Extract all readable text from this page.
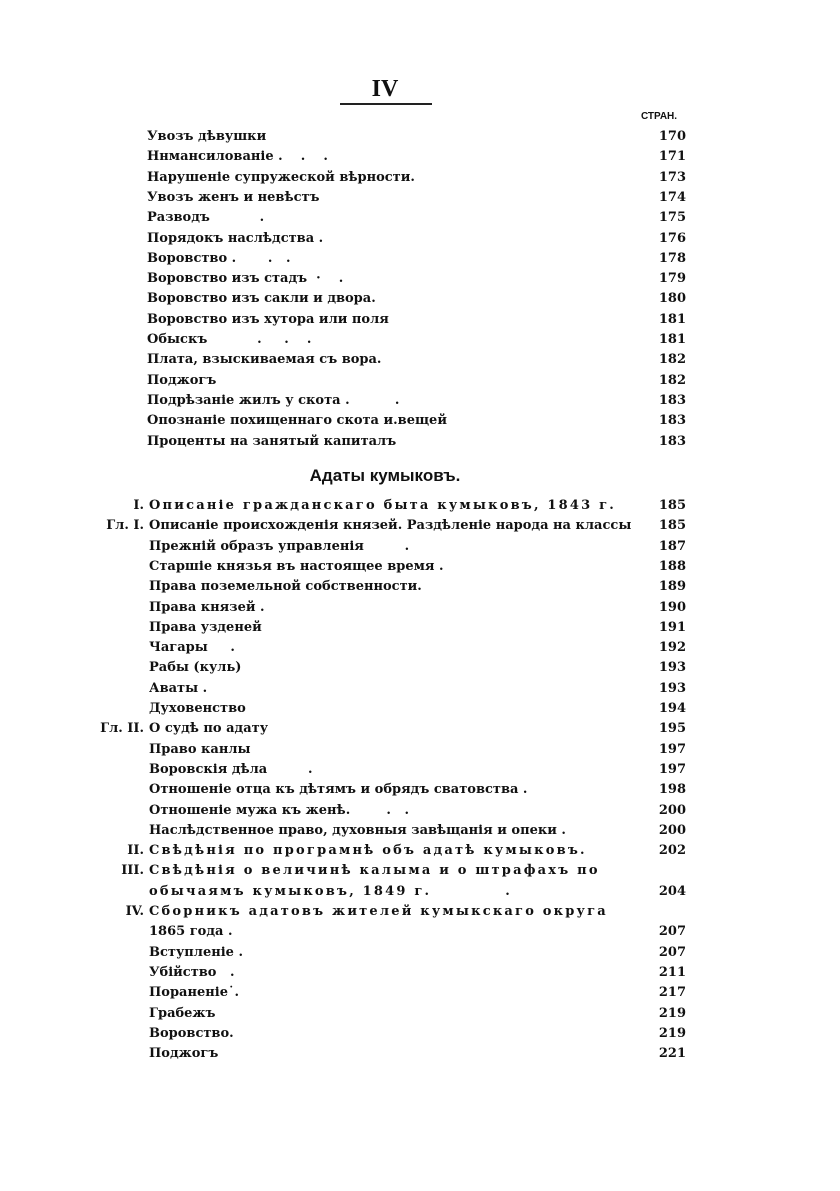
IV
СТРАН.
Увозъ дѣвушки	170
Ннмансилованіе .    .    .	171
Нарушеніе супружеской вѣрности.	173
Увозъ женъ и невѣстъ	174
Разводъ           .	175
Порядокъ наслѣдства .	176
Воровство .       .   .	178
Воровство изъ стадъ  ·    .	179
Воровство изъ сакли и двора.	180
Воровство изъ хутора или поля	181
Обыскъ           .     .    .	181
Плата, взыскиваемая съ вора.	182
Поджогъ	182
Подрѣзаніе жилъ у скота .          .	183
Опознаніе похищеннаго скота и.вещей	183
Проценты на занятый капиталъ	183
Адаты кумыковъ.
I. Описаніе гражданскаго быта кумыковъ, 1843 г.	185
Гл. I. Описаніе происхожденія князей. Раздѣленіе народа на классы	185
Прежній образъ управленія         .	187
Старшіе князья въ настоящее время .	188
Права поземельной собственности.	189
Права князей .	190
Права узденей	191
Чагары     .	192
Рабы (куль)	193
Аваты .	193
Духовенство	194
Гл. II. О судѣ по адату	195
Право канлы	197
Воровскія дѣла         .	197
Отношеніе отца къ дѣтямъ и обрядъ сватовства .	198
Отношеніе мужа къ женѣ.        .   .	200
Наслѣдственное право, духовныя завѣщанія и опеки .	200
II. Свѣдѣнія по програмнѣ объ адатѣ кумыковъ.	202
III. Свѣдѣнія о величинѣ калыма и о штрафахъ по
обычаямъ кумыковъ, 1849 г.           .	204
IV. Сборникъ адатовъ жителей кумыкскаго округа
1865 года .	207
Вступленіе .	207
Убійство   .	211
Пораненіе˙.	217
Грабежъ	219
Воровство.	219
Поджогъ	221
